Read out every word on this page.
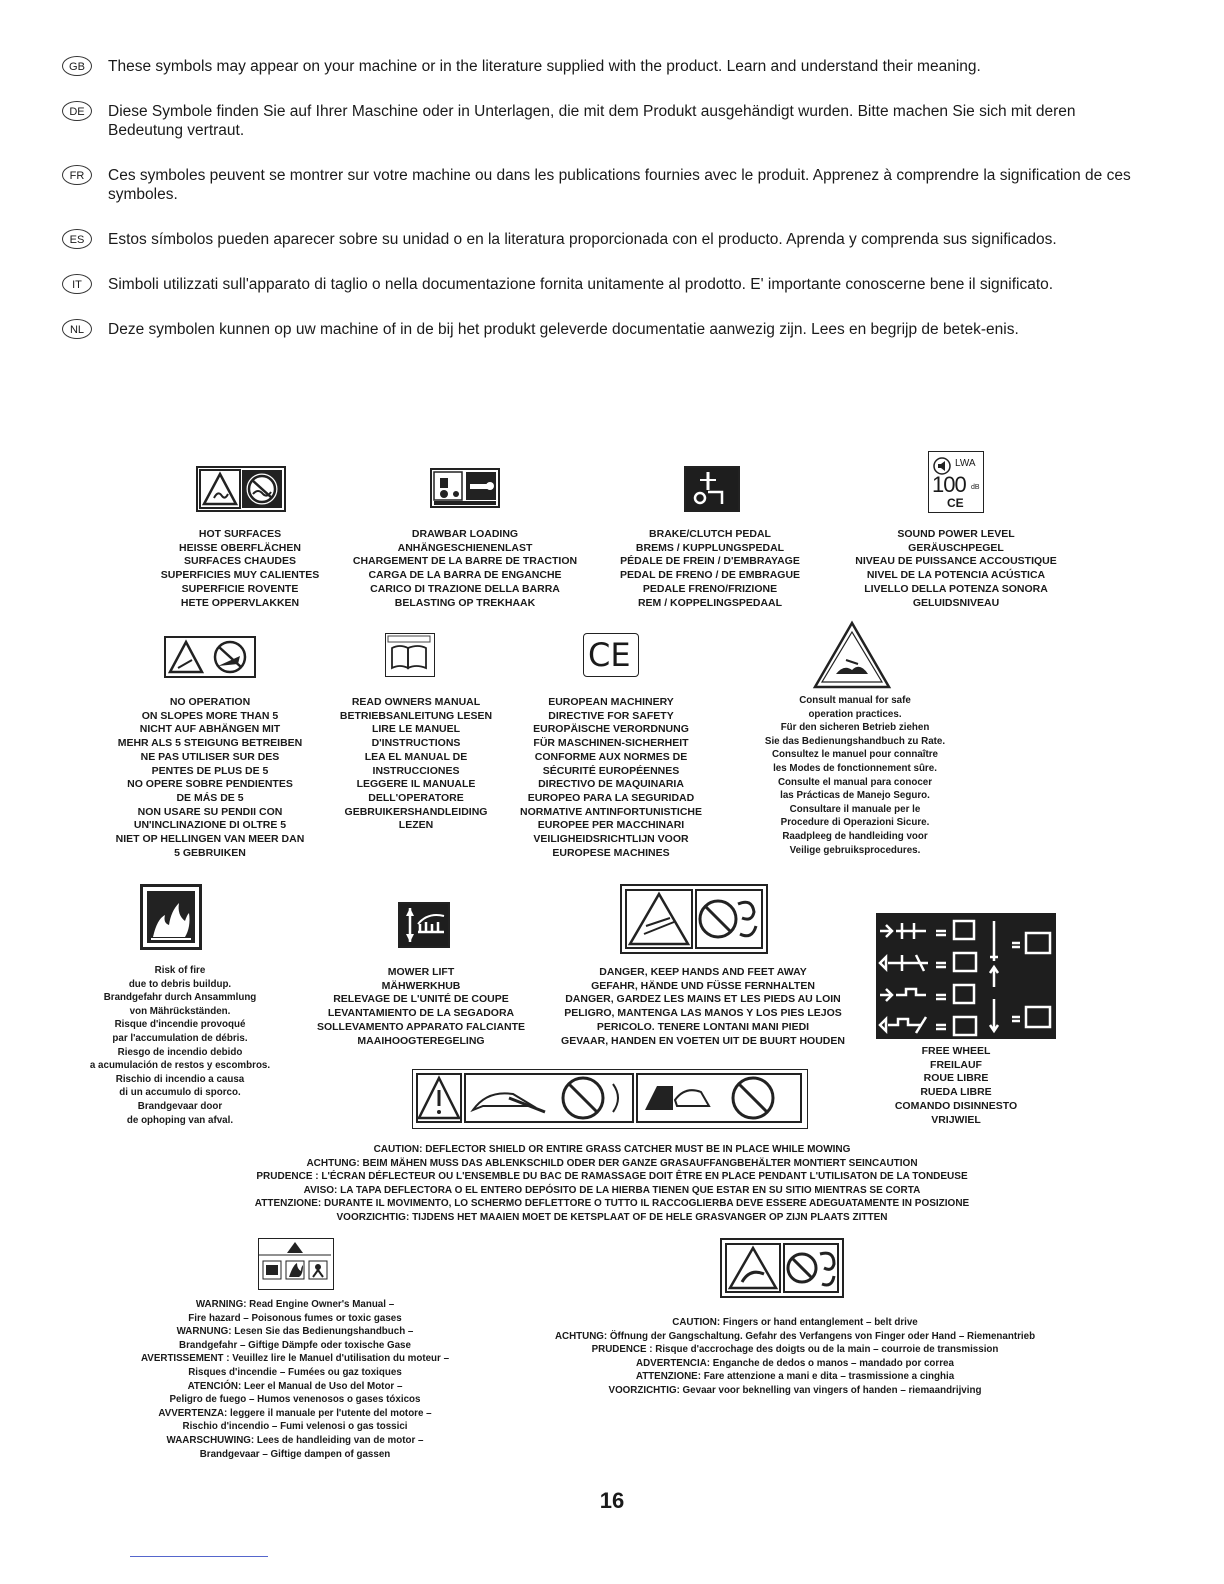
GB	These symbols may appear on your machine or in the literature supplied with the product. Learn and understand their meaning.
DE	Diese Symbole finden Sie auf Ihrer Maschine oder in Unterlagen, die mit dem Produkt ausgehändigt wurden. Bitte machen Sie sich mit deren Bedeutung vertraut.
FR	Ces symboles peuvent se montrer sur votre machine ou dans les publications fournies avec le produit. Apprenez à comprendre la signification de ces symboles.
ES	Estos símbolos pueden aparecer sobre su unidad o en la literatura proporcionada con el producto. Aprenda y comprenda sus significados.
IT	Simboli utilizzati sull'apparato di taglio o nella documentazione fornita unitamente al prodotto. E' importante conoscerne bene il significato.
NL	Deze symbolen kunnen op uw machine of in de bij het produkt geleverde documentatie aanwezig zijn. Lees en begrijp de betek-enis.
HOT SURFACES
HEISSE OBERFLÄCHEN
SURFACES CHAUDES
SUPERFICIES MUY CALIENTES
SUPERFICIE ROVENTE
HETE OPPERVLAKKEN
DRAWBAR LOADING
ANHÄNGESCHIENENLAST
CHARGEMENT DE LA BARRE DE TRACTION
CARGA DE LA BARRA DE ENGANCHE
CARICO DI TRAZIONE DELLA BARRA
BELASTING OP TREKHAAK
BRAKE/CLUTCH PEDAL
BREMS / KUPPLUNGSPEDAL
PÉDALE DE FREIN / D'EMBRAYAGE
PEDAL DE FRENO / DE EMBRAGUE
PEDALE FRENO/FRIZIONE
REM / KOPPELINGSPEDAAL
LWA
100 dB
CE
SOUND POWER LEVEL
GERÄUSCHPEGEL
NIVEAU DE PUISSANCE ACCOUSTIQUE
NIVEL DE LA POTENCIA ACÚSTICA
LIVELLO DELLA POTENZA SONORA
GELUIDSNIVEAU
NO OPERATION
ON SLOPES MORE THAN 5
NICHT AUF ABHÄNGEN MIT
MEHR ALS 5 STEIGUNG BETREIBEN
NE PAS UTILISER SUR DES
PENTES DE PLUS DE 5
NO OPERE SOBRE PENDIENTES
DE MÁS DE 5
NON USARE SU PENDII CON
UN'INCLINAZIONE DI OLTRE 5
NIET OP HELLINGEN VAN MEER DAN
5 GEBRUIKEN
READ OWNERS MANUAL
BETRIEBSANLEITUNG LESEN
LIRE LE MANUEL
D'INSTRUCTIONS
LEA EL MANUAL DE
INSTRUCCIONES
LEGGERE IL MANUALE
DELL'OPERATORE
GEBRUIKERSHANDLEIDING
LEZEN
CE
EUROPEAN MACHINERY
DIRECTIVE FOR SAFETY
EUROPÄISCHE VERORDNUNG
FÜR MASCHINEN-SICHERHEIT
CONFORME AUX NORMES DE
SÉCURITÉ EUROPÉENNES
DIRECTIVO DE MAQUINARIA
EUROPEO PARA LA SEGURIDAD
NORMATIVE ANTINFORTUNISTICHE
EUROPEE PER MACCHINARI
VEILIGHEIDSRICHTLIJN VOOR
EUROPESE MACHINES
Consult manual for safe
operation practices.
Für den sicheren Betrieb ziehen
Sie das Bedienungshandbuch zu Rate.
Consultez le manuel pour connaître
les Modes de fonctionnement sûre.
Consulte el manual para conocer
las Prácticas de Manejo Seguro.
Consultare il manuale per le
Procedure di Operazioni Sicure.
Raadpleeg de handleiding voor
Veilige gebruiksprocedures.
Risk of fire
due to debris buildup.
Brandgefahr durch Ansammlung
von Mährückständen.
Risque d'incendie provoqué
par l'accumulation de débris.
Riesgo de incendio debido
a acumulación de restos y escombros.
Rischio di incendio a causa
di un accumulo di sporco.
Brandgevaar door
de ophoping van afval.
MOWER LIFT
MÄHWERKHUB
RELEVAGE DE L'UNITÉ DE COUPE
LEVANTAMIENTO DE LA SEGADORA
SOLLEVAMENTO APPARATO FALCIANTE
MAAIHOOGTEREGELING
DANGER, KEEP HANDS AND FEET AWAY
GEFAHR, HÄNDE UND FÜSSE FERNHALTEN
DANGER, GARDEZ LES MAINS ET LES PIEDS AU LOIN
PELIGRO, MANTENGA LAS MANOS Y LOS PIES LEJOS
PERICOLO. TENERE LONTANI MANI PIEDI
GEVAAR, HANDEN EN VOETEN UIT DE BUURT HOUDEN
FREE WHEEL
FREILAUF
ROUE LIBRE
RUEDA LIBRE
COMANDO DISINNESTO
VRIJWIEL
CAUTION: DEFLECTOR SHIELD OR ENTIRE GRASS CATCHER MUST BE IN PLACE WHILE MOWING
ACHTUNG: BEIM MÄHEN MUSS DAS ABLENKSCHILD ODER DER GANZE GRASAUFFANGBEHÄLTER MONTIERT SEINCAUTION
PRUDENCE : L'ÉCRAN DÉFLECTEUR OU L'ENSEMBLE DU BAC DE RAMASSAGE DOIT ÊTRE EN PLACE PENDANT L'UTILISATON DE LA TONDEUSE
AVISO: LA TAPA DEFLECTORA O EL ENTERO DEPÓSITO DE LA HIERBA TIENEN QUE ESTAR EN SU SITIO MIENTRAS SE CORTA
ATTENZIONE: DURANTE IL MOVIMENTO, LO SCHERMO DEFLETTORE O TUTTO IL RACCOGLIERBA DEVE ESSERE ADEGUATAMENTE IN POSIZIONE
VOORZICHTIG: TIJDENS HET MAAIEN MOET DE KETSPLAAT OF DE HELE GRASVANGER OP ZIJN PLAATS ZITTEN
WARNING: Read Engine Owner's Manual –
Fire hazard – Poisonous fumes or toxic gases
WARNUNG: Lesen Sie das Bedienungshandbuch –
Brandgefahr – Giftige Dämpfe oder toxische Gase
AVERTISSEMENT : Veuillez lire le Manuel d'utilisation du moteur –
Risques d'incendie – Fumées ou gaz toxiques
ATENCIÓN: Leer el Manual de Uso del Motor –
Peligro de fuego – Humos venenosos o gases tóxicos
AVVERTENZA: leggere il manuale per l'utente del motore –
Rischio d'incendio – Fumi velenosi o gas tossici
WAARSCHUWING: Lees de handleiding van de motor –
Brandgevaar – Giftige dampen of gassen
CAUTION: Fingers or hand entanglement – belt drive
ACHTUNG: Öffnung der Gangschaltung. Gefahr des Verfangens von Finger oder Hand – Riemenantrieb
PRUDENCE : Risque d'accrochage des doigts ou de la main – courroie de transmission
ADVERTENCIA: Enganche de dedos o manos – mandado por correa
ATTENZIONE: Fare attenzione a mani e dita – trasmissione a cinghia
VOORZICHTIG: Gevaar voor beknelling van vingers of handen – riemaandrijving
16
